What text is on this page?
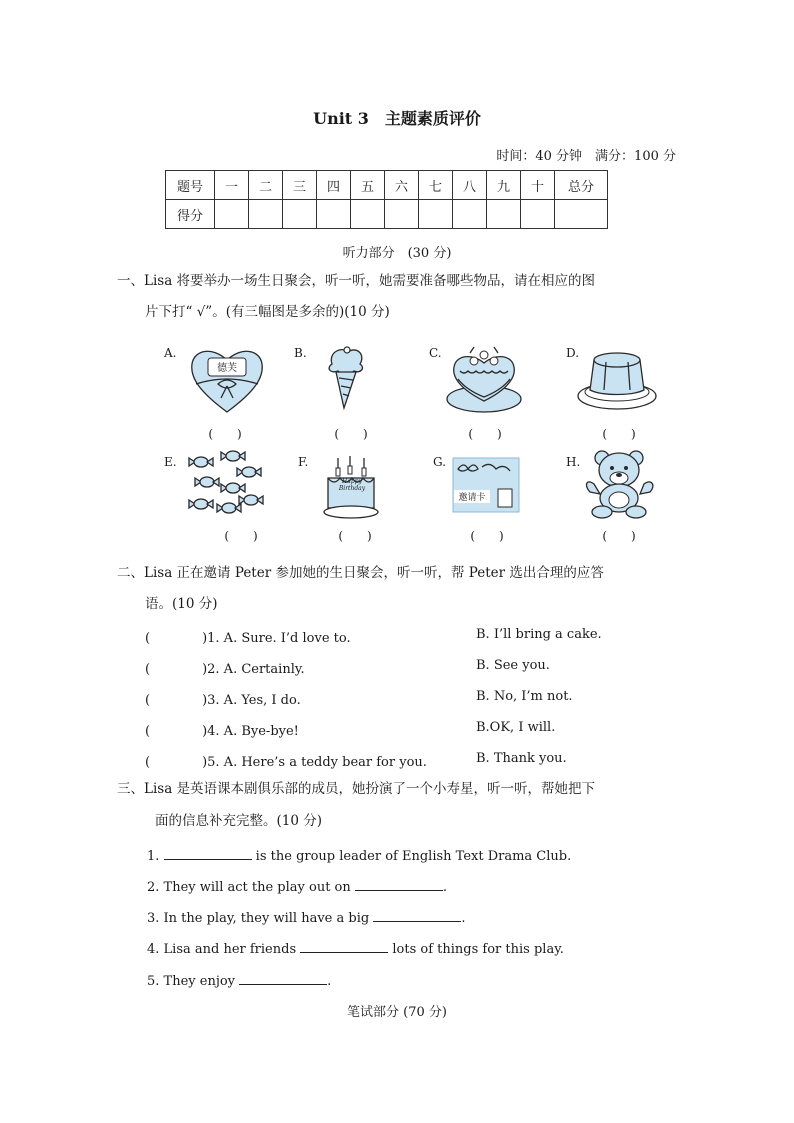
Unit 3　主题素质评价
时间：40 分钟　满分：100 分
题号	一	二	三	四	五	六	七	八	九	十	总分
得分											
听力部分　(30 分)
一、Lisa 将要举办一场生日聚会，听一听，她需要准备哪些物品，请在相应的图
片下打“ √”。(有三幅图是多余的)(10 分)
A.	B.	C.	D.
德芙
(　　)	(　　)	(　　)	(　　)
E.	F.	G.	H.
Happy Birthday
邀请卡
(　　)	(　　)	(　　)	(　　)
二、Lisa 正在邀请 Peter 参加她的生日聚会，听一听，帮 Peter 选出合理的应答
语。(10 分)
(　　　　)1. A. Sure. I’d love to.	B. I’ll bring a cake.
(　　　　)2. A. Certainly.	B. See you.
(　　　　)3. A. Yes, I do.	B. No, I’m not.
(　　　　)4. A. Bye-bye!	B.OK, I will.
(　　　　)5. A. Here’s a teddy bear for you.	B. Thank you.
三、Lisa 是英语课本剧俱乐部的成员，她扮演了一个小寿星，听一听，帮她把下
面的信息补充完整。(10 分)
1.	is the group leader of English Text Drama Club.
2. They will act the play out on	.
3. In the play, they will have a big	.
4. Lisa and her friends	lots of things for this play.
5. They enjoy	.
笔试部分 (70 分)
